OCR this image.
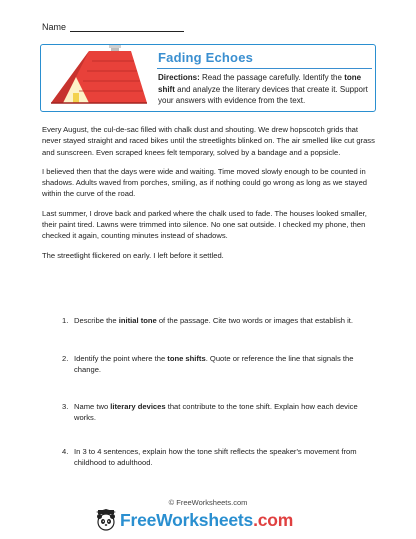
Name
Fading Echoes
Directions: Read the passage carefully. Identify the tone shift and analyze the literary devices that create it. Support your answers with evidence from the text.

Every August, the cul-de-sac filled with chalk dust and shouting. We drew hopscotch grids that never stayed straight and raced bikes until the streetlights blinked on. The air smelled like cut grass and sunscreen. Even scraped knees felt temporary, solved by a bandage and a popsicle.

I believed then that the days were wide and waiting. Time moved slowly enough to be counted in shadows. Adults waved from porches, smiling, as if nothing could go wrong as long as we stayed within the curve of the road.

Last summer, I drove back and parked where the chalk used to fade. The houses looked smaller, their paint tired. Lawns were trimmed into silence. No one sat outside. I checked my phone, then checked it again, counting minutes instead of shadows.

The streetlight flickered on early. I left before it settled.

1. Describe the initial tone of the passage. Cite two words or images that establish it.
2. Identify the point where the tone shifts. Quote or reference the line that signals the change.
3. Name two literary devices that contribute to the tone shift. Explain how each device works.
4. In 3 to 4 sentences, explain how the tone shift reflects the speaker's movement from childhood to adulthood.
© FreeWorksheets.com
FreeWorksheets.com
